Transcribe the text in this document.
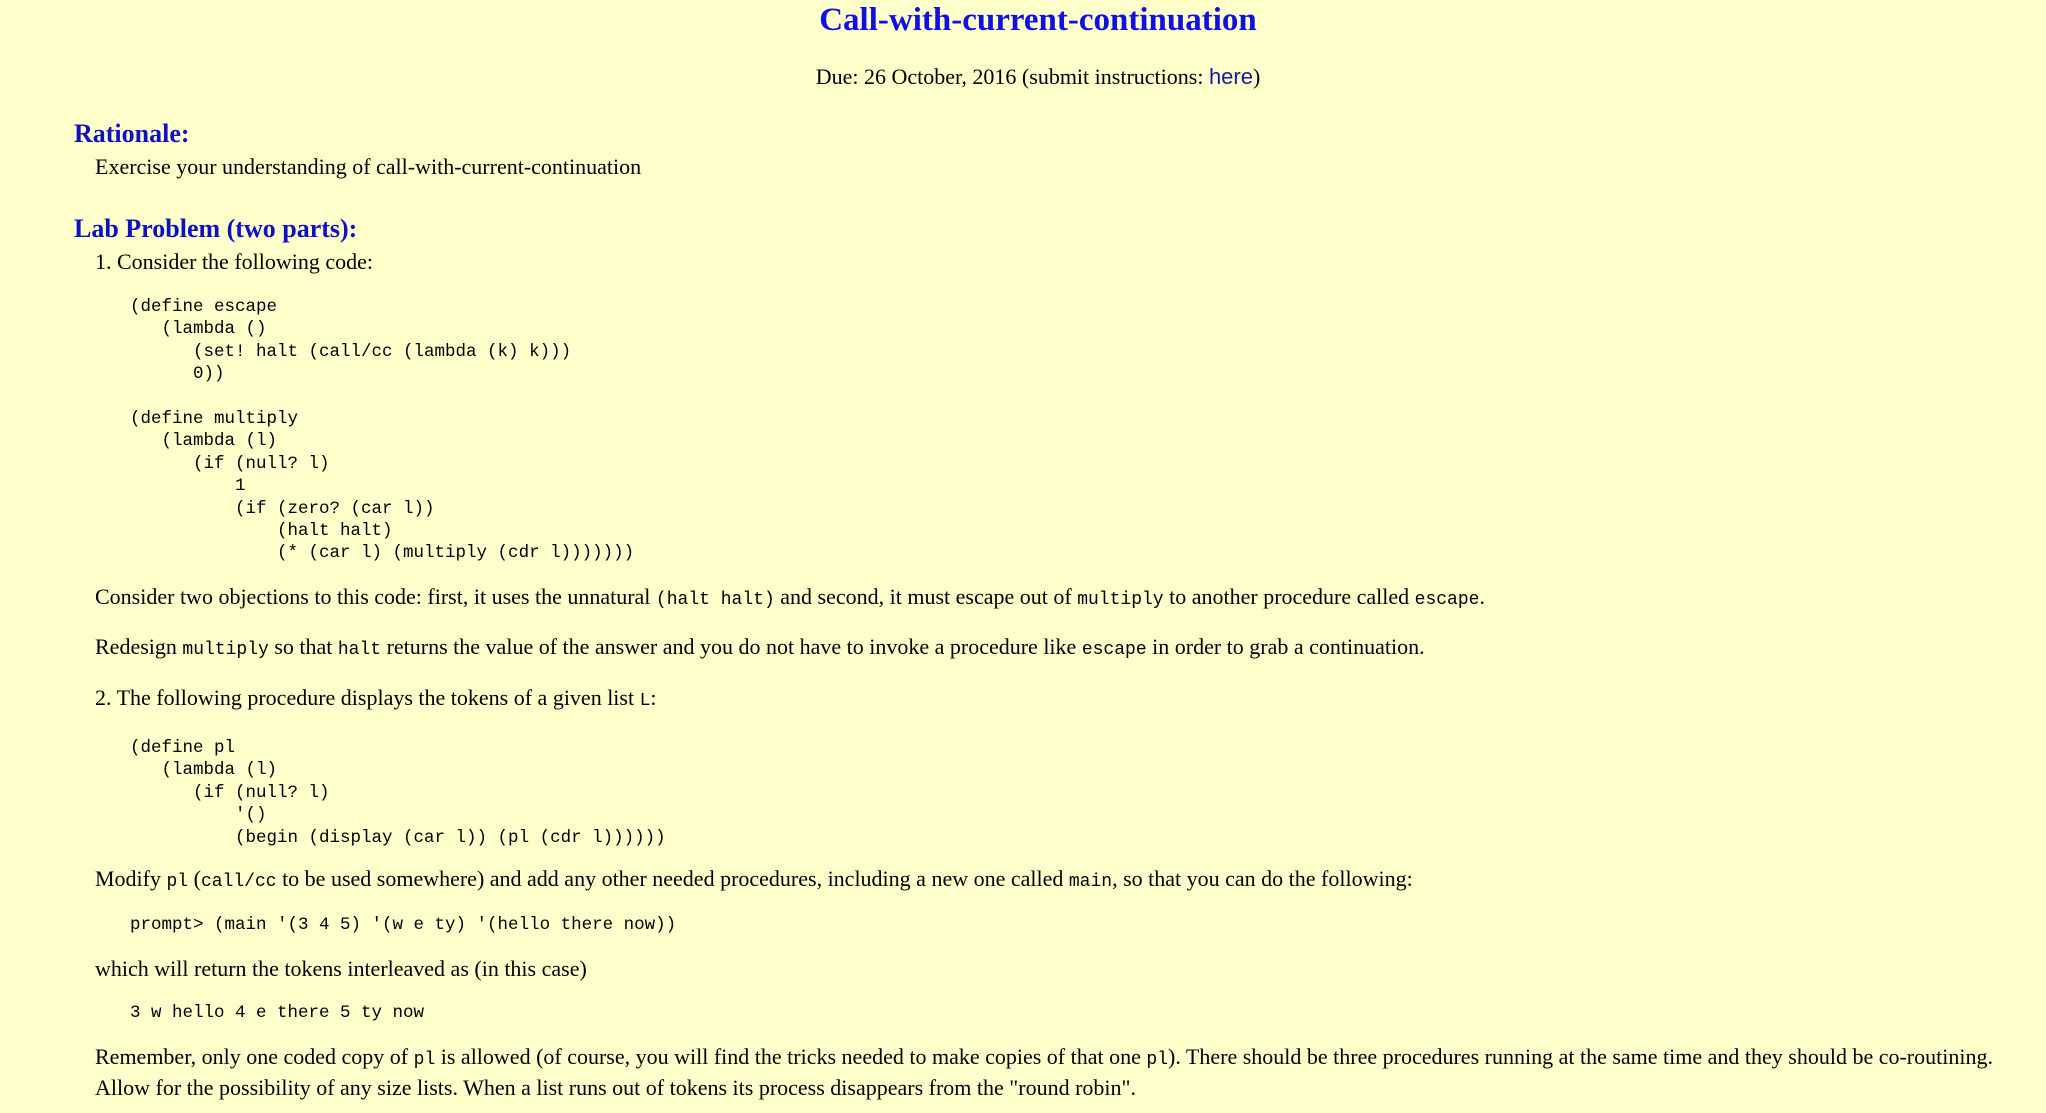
Call-with-current-continuation
Due: 26 October, 2016 (submit instructions: here)
Rationale:

Exercise your understanding of call-with-current-continuation

Lab Problem (two parts):

1. Consider the following code:

(define escape
(lambda ()
(set! halt (call/cc (lambda (k) k)))
0))
(define multiply
(lambda (l)
(if (null? l)
1
(if (zero? (car l))
(halt halt)
(* (car l) (multiply (cdr l)))))))

Consider two objections to this code: first, it uses the unnatural (halt halt) and second, it must escape out of multiply to another procedure called escape.

Redesign multiply so that halt returns the value of the answer and you do not have to invoke a procedure like escape in order to grab a continuation.

2. The following procedure displays the tokens of a given list L:

(define pl
(lambda (l)
(if (null? l)
'()
(begin (display (car l)) (pl (cdr l))))))

Modify pl (call/cc to be used somewhere) and add any other needed procedures, including a new one called main, so that you can do the following:

prompt> (main '(3 4 5) '(w e ty) '(hello there now))

which will return the tokens interleaved as (in this case)

3 w hello 4 e there 5 ty now

Remember, only one coded copy of pl is allowed (of course, you will find the tricks needed to make copies of that one pl). There should be three procedures running at the same time and they should be co-routining. Allow for the possibility of any size lists. When a list runs out of tokens its process disappears from the "round robin".
